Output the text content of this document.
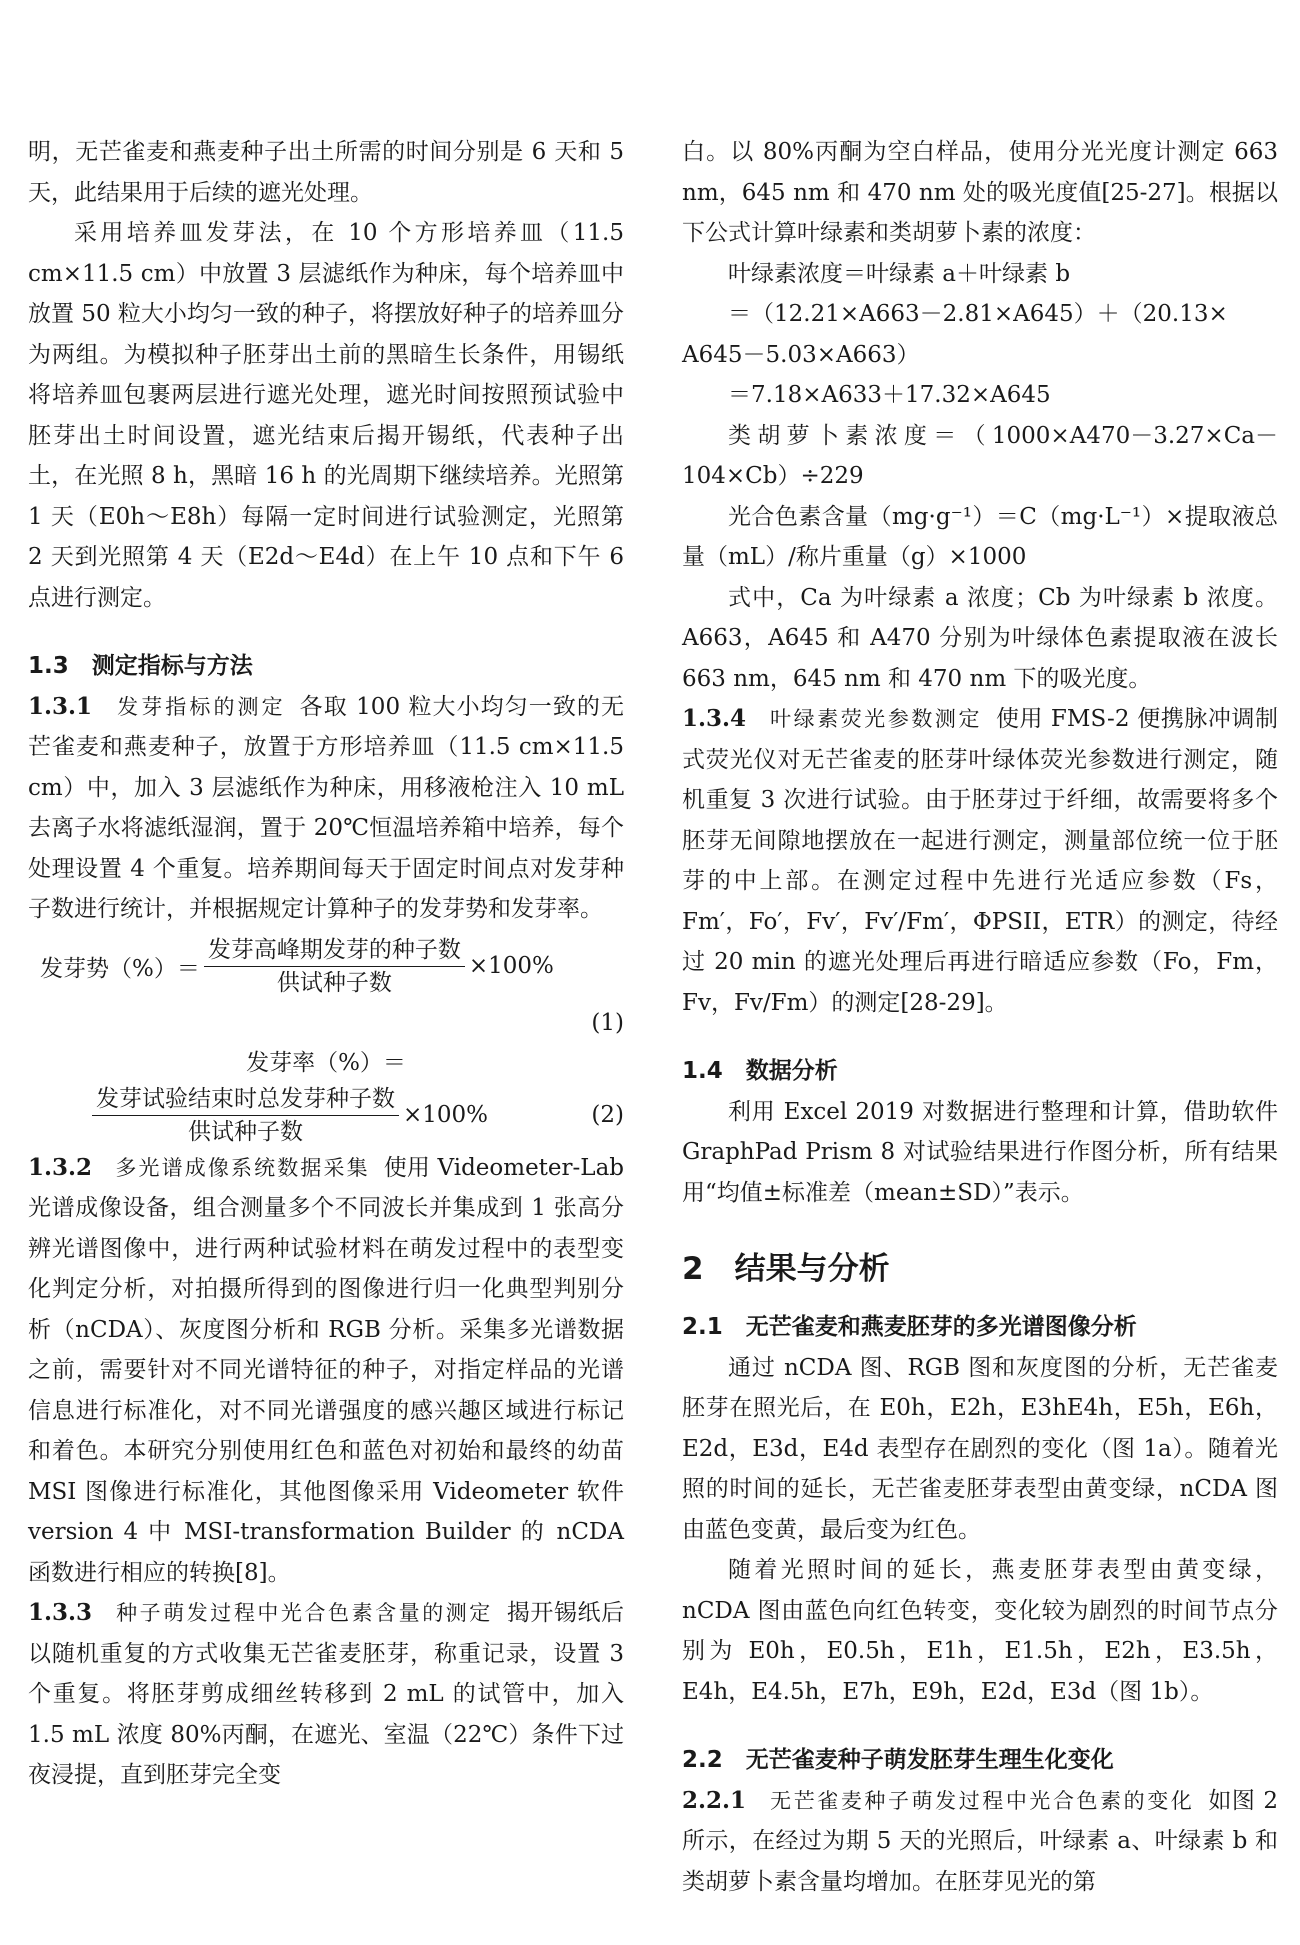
明，无芒雀麦和燕麦种子出土所需的时间分别是 6 天和 5 天，此结果用于后续的遮光处理。

采用培养皿发芽法，在 10 个方形培养皿（11.5 cm×11.5 cm）中放置 3 层滤纸作为种床，每个培养皿中放置 50 粒大小均匀一致的种子，将摆放好种子的培养皿分为两组。为模拟种子胚芽出土前的黑暗生长条件，用锡纸将培养皿包裹两层进行遮光处理，遮光时间按照预试验中胚芽出土时间设置，遮光结束后揭开锡纸，代表种子出土，在光照 8 h，黑暗 16 h 的光周期下继续培养。光照第 1 天（E0h～E8h）每隔一定时间进行试验测定，光照第 2 天到光照第 4 天（E2d～E4d）在上午 10 点和下午 6 点进行测定。

1.3　测定指标与方法

1.3.1　 发芽指标的测定 各取 100 粒大小均匀一致的无芒雀麦和燕麦种子，放置于方形培养皿（11.5 cm×11.5 cm）中，加入 3 层滤纸作为种床，用移液枪注入 10 mL 去离子水将滤纸湿润，置于 20℃恒温培养箱中培养，每个处理设置 4 个重复。培养期间每天于固定时间点对发芽种子数进行统计，并根据规定计算种子的发芽势和发芽率。

发芽势（%）＝ $\frac{\text{发芽高峰期发芽的种子数}}{\text{供试种子数}} \times 100\%$
(1)
发芽率（%）＝
$\frac{\text{发芽试验结束时总发芽种子数}}{\text{供试种子数}} \times 100\%$	(2)

1.3.2　 多光谱成像系统数据采集 使用 Videometer-Lab 光谱成像设备，组合测量多个不同波长并集成到 1 张高分辨光谱图像中，进行两种试验材料在萌发过程中的表型变化判定分析，对拍摄所得到的图像进行归一化典型判别分析（nCDA）、灰度图分析和 RGB 分析。采集多光谱数据之前，需要针对不同光谱特征的种子，对指定样品的光谱信息进行标准化，对不同光谱强度的感兴趣区域进行标记和着色。本研究分别使用红色和蓝色对初始和最终的幼苗 MSI 图像进行标准化，其他图像采用 Videometer 软件 version 4 中 MSI-transformation Builder 的 nCDA 函数进行相应的转换[8]。

1.3.3　 种子萌发过程中光合色素含量的测定 揭开锡纸后以随机重复的方式收集无芒雀麦胚芽，称重记录，设置 3 个重复。将胚芽剪成细丝转移到 2 mL 的试管中，加入 1.5 mL 浓度 80%丙酮，在遮光、室温（22℃）条件下过夜浸提，直到胚芽完全变

白。以 80%丙酮为空白样品，使用分光光度计测定 663 nm，645 nm 和 470 nm 处的吸光度值[25-27]。根据以下公式计算叶绿素和类胡萝卜素的浓度：

叶绿素浓度＝叶绿素 a＋叶绿素 b

＝（12.21×A663－2.81×A645）＋（20.13×

A645－5.03×A663）

＝7.18×A633＋17.32×A645

类胡萝卜素浓度＝（1000×A470－3.27×Ca－104×Cb）÷229

光合色素含量（mg·g⁻¹）＝C（mg·L⁻¹）×提取液总量（mL）/称片重量（g）×1000

式中，Ca 为叶绿素 a 浓度；Cb 为叶绿素 b 浓度。A663，A645 和 A470 分别为叶绿体色素提取液在波长 663 nm，645 nm 和 470 nm 下的吸光度。

1.3.4　 叶绿素荧光参数测定 使用 FMS-2 便携脉冲调制式荧光仪对无芒雀麦的胚芽叶绿体荧光参数进行测定，随机重复 3 次进行试验。由于胚芽过于纤细，故需要将多个胚芽无间隙地摆放在一起进行测定，测量部位统一位于胚芽的中上部。在测定过程中先进行光适应参数（Fs，Fm′，Fo′，Fv′，Fv′/Fm′，ΦPSII，ETR）的测定，待经过 20 min 的遮光处理后再进行暗适应参数（Fo，Fm，Fv，Fv/Fm）的测定[28-29]。

1.4　数据分析

利用 Excel 2019 对数据进行整理和计算，借助软件 GraphPad Prism 8 对试验结果进行作图分析，所有结果用“均值±标准差（mean±SD）”表示。

2　结果与分析
2.1　无芒雀麦和燕麦胚芽的多光谱图像分析

通过 nCDA 图、RGB 图和灰度图的分析，无芒雀麦胚芽在照光后，在 E0h，E2h，E3hE4h，E5h，E6h，E2d，E3d，E4d 表型存在剧烈的变化（图 1a）。随着光照的时间的延长，无芒雀麦胚芽表型由黄变绿，nCDA 图由蓝色变黄，最后变为红色。

随着光照时间的延长，燕麦胚芽表型由黄变绿，nCDA 图由蓝色向红色转变，变化较为剧烈的时间节点分别为 E0h，E0.5h，E1h，E1.5h，E2h，E3.5h，E4h，E4.5h，E7h，E9h，E2d，E3d（图 1b）。

2.2　无芒雀麦种子萌发胚芽生理生化变化

2.2.1　 无芒雀麦种子萌发过程中光合色素的变化 如图 2 所示，在经过为期 5 天的光照后，叶绿素 a、叶绿素 b 和类胡萝卜素含量均增加。在胚芽见光的第
